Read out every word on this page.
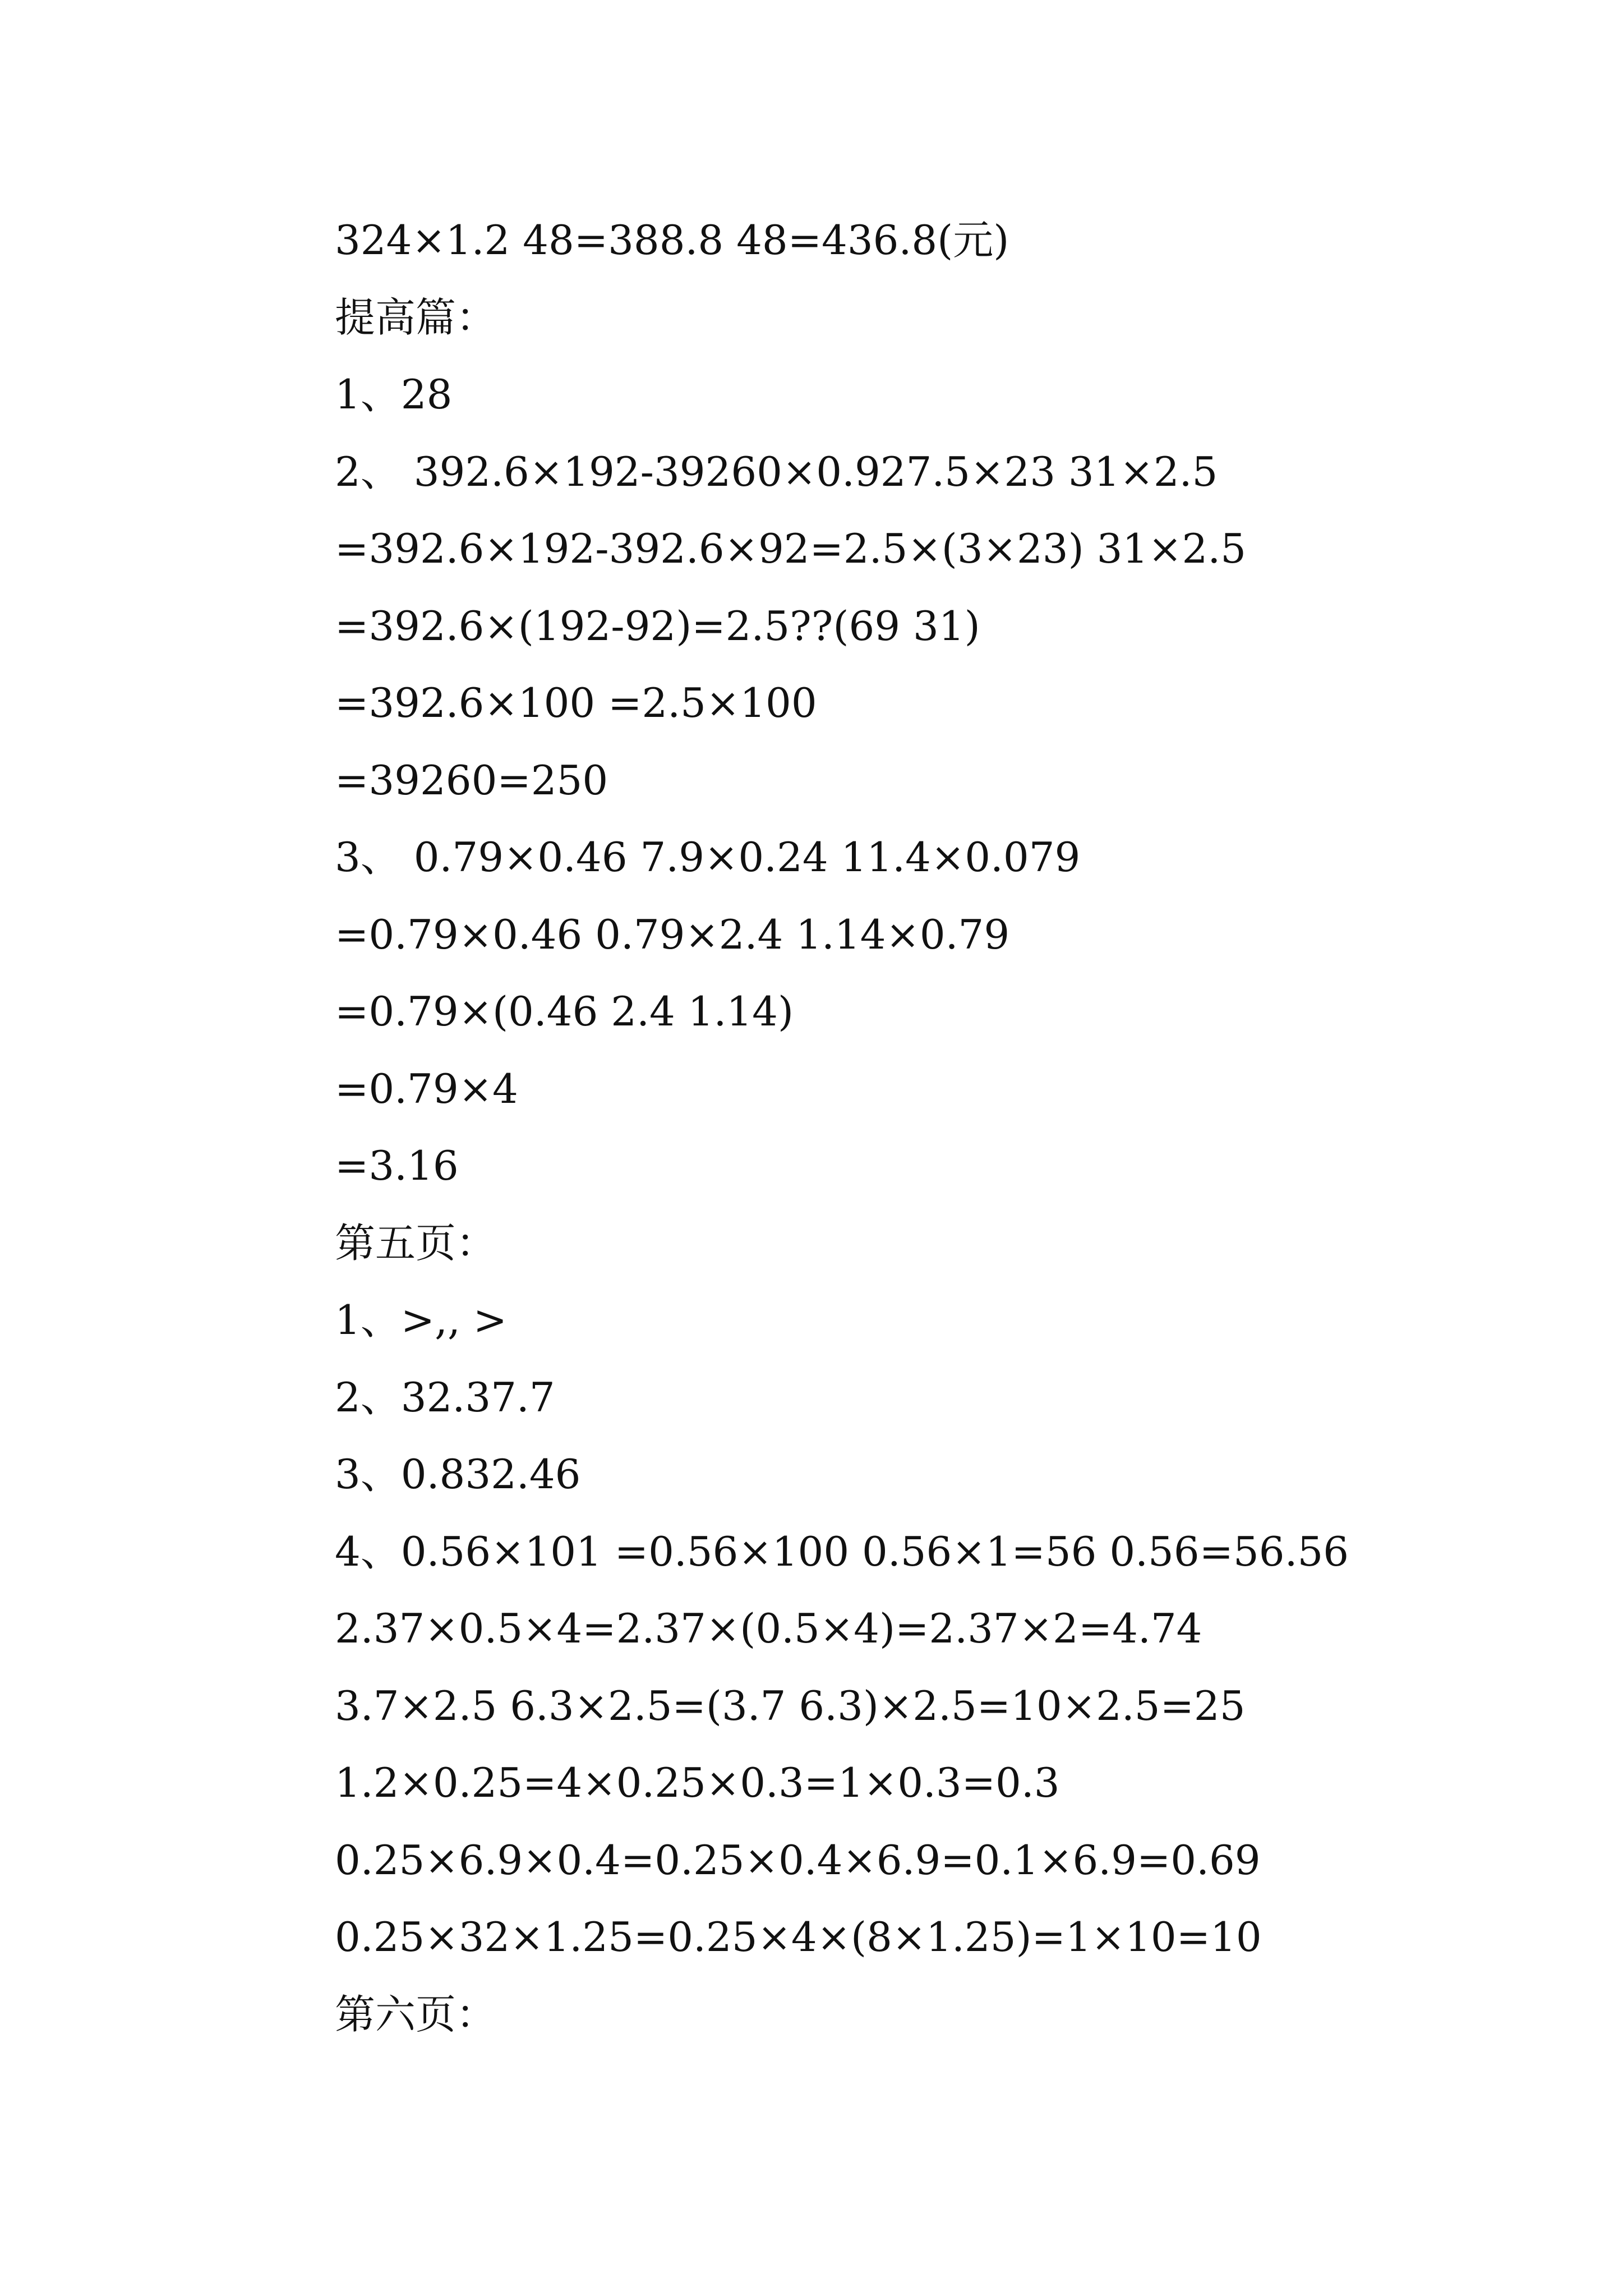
324×1.2 48=388.8 48=436.8(元)
提高篇：
1、28
2、 392.6×192-39260×0.927.5×23 31×2.5
=392.6×192-392.6×92=2.5×(3×23) 31×2.5
=392.6×(192-92)=2.5??(69 31)
=392.6×100 =2.5×100
=39260=250
3、 0.79×0.46 7.9×0.24 11.4×0.079
=0.79×0.46 0.79×2.4 1.14×0.79
=0.79×(0.46 2.4 1.14)
=0.79×4
=3.16
第五页：
1、>,, >
2、32.37.7
3、0.832.46
4、0.56×101 =0.56×100 0.56×1=56 0.56=56.56
2.37×0.5×4=2.37×(0.5×4)=2.37×2=4.74
3.7×2.5 6.3×2.5=(3.7 6.3)×2.5=10×2.5=25
1.2×0.25=4×0.25×0.3=1×0.3=0.3
0.25×6.9×0.4=0.25×0.4×6.9=0.1×6.9=0.69
0.25×32×1.25=0.25×4×(8×1.25)=1×10=10
第六页：
